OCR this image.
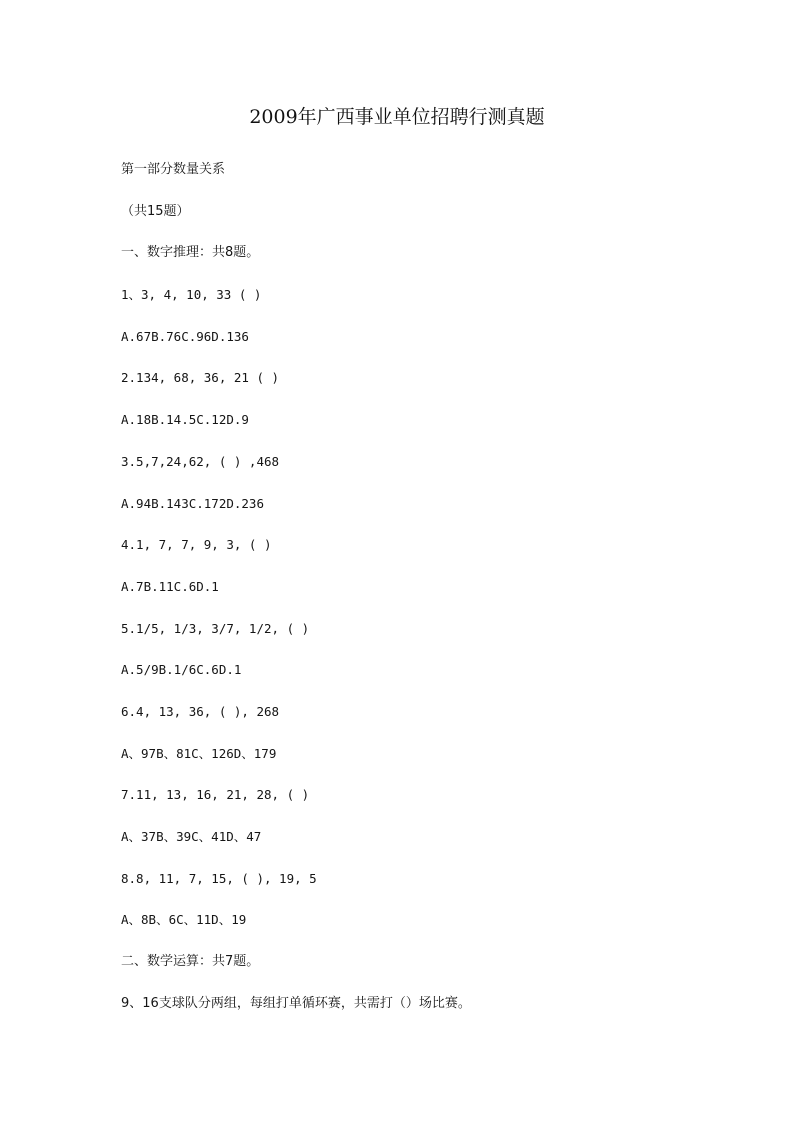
2009年广西事业单位招聘行测真题
第一部分数量关系
（共15题）
一、数字推理：共8题。
1、3, 4, 10, 33 ( )
A.67B.76C.96D.136
2.134, 68, 36, 21 ( )
A.18B.14.5C.12D.9
3.5,7,24,62, ( ) ,468
A.94B.143C.172D.236
4.1, 7, 7, 9, 3, ( )
A.7B.11C.6D.1
5.1/5, 1/3, 3/7, 1/2, ( )
A.5/9B.1/6C.6D.1
6.4, 13, 36, ( ), 268
A、97B、81C、126D、179
7.11, 13, 16, 21, 28, ( )
A、37B、39C、41D、47
8.8, 11, 7, 15, ( ), 19, 5
A、8B、6C、11D、19
二、数学运算：共7题。
9、16支球队分两组，每组打单循环赛，共需打（）场比赛。
